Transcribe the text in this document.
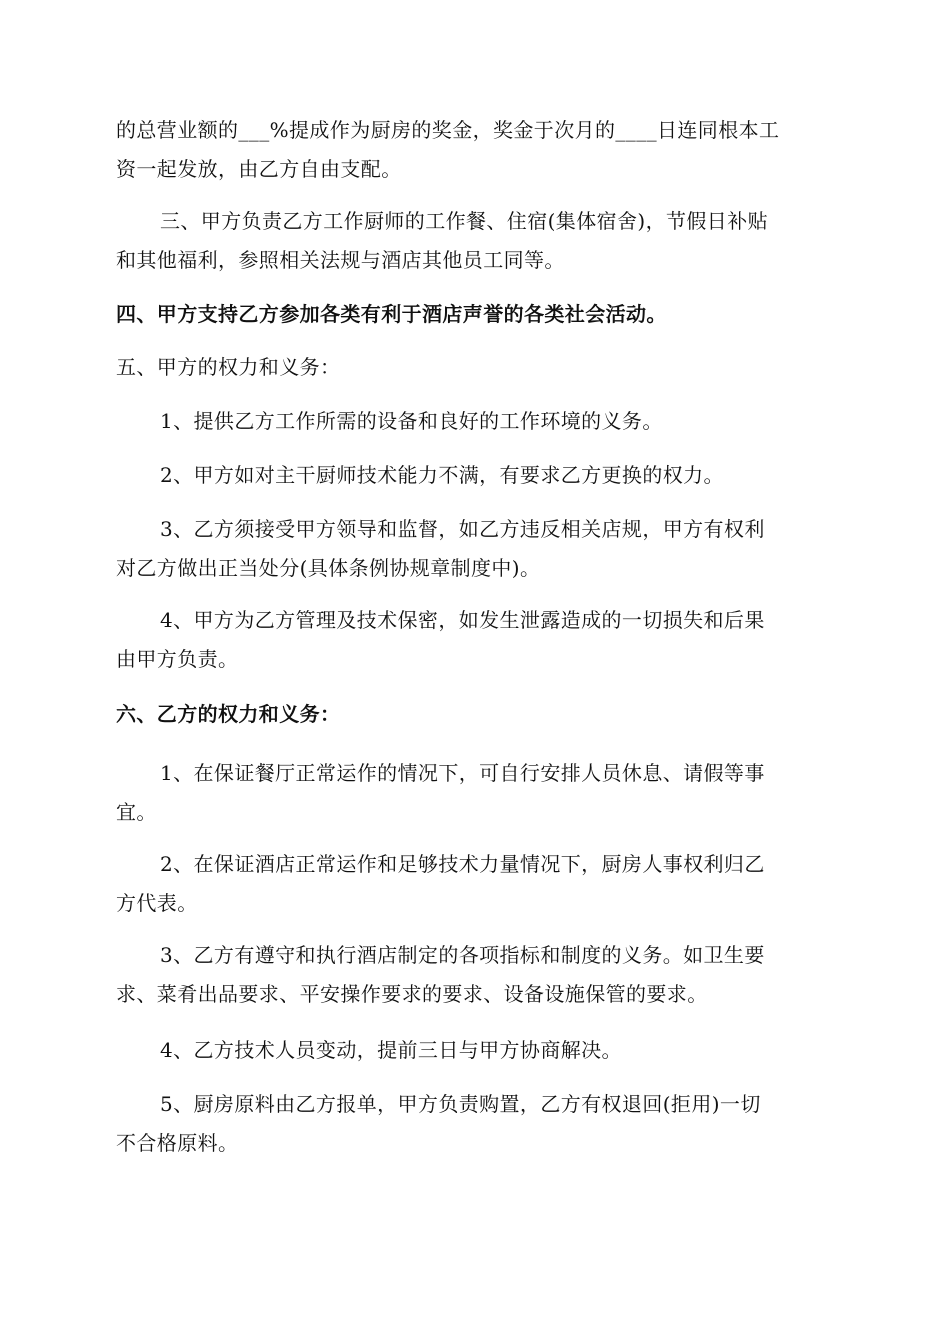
的总营业额的___%提成作为厨房的奖金，奖金于次月的____日连同根本工

资一起发放，由乙方自由支配。

三、甲方负责乙方工作厨师的工作餐、住宿(集体宿舍)，节假日补贴

和其他福利，参照相关法规与酒店其他员工同等。

四、甲方支持乙方参加各类有利于酒店声誉的各类社会活动。

五、甲方的权力和义务：

1、提供乙方工作所需的设备和良好的工作环境的义务。

2、甲方如对主干厨师技术能力不满，有要求乙方更换的权力。

3、乙方须接受甲方领导和监督，如乙方违反相关店规，甲方有权利

对乙方做出正当处分(具体条例协规章制度中)。

4、甲方为乙方管理及技术保密，如发生泄露造成的一切损失和后果

由甲方负责。

六、乙方的权力和义务：

1、在保证餐厅正常运作的情况下，可自行安排人员休息、请假等事

宜。

2、在保证酒店正常运作和足够技术力量情况下，厨房人事权利归乙

方代表。

3、乙方有遵守和执行酒店制定的各项指标和制度的义务。如卫生要

求、菜肴出品要求、平安操作要求的要求、设备设施保管的要求。

4、乙方技术人员变动，提前三日与甲方协商解决。

5、厨房原料由乙方报单，甲方负责购置，乙方有权退回(拒用)一切

不合格原料。
